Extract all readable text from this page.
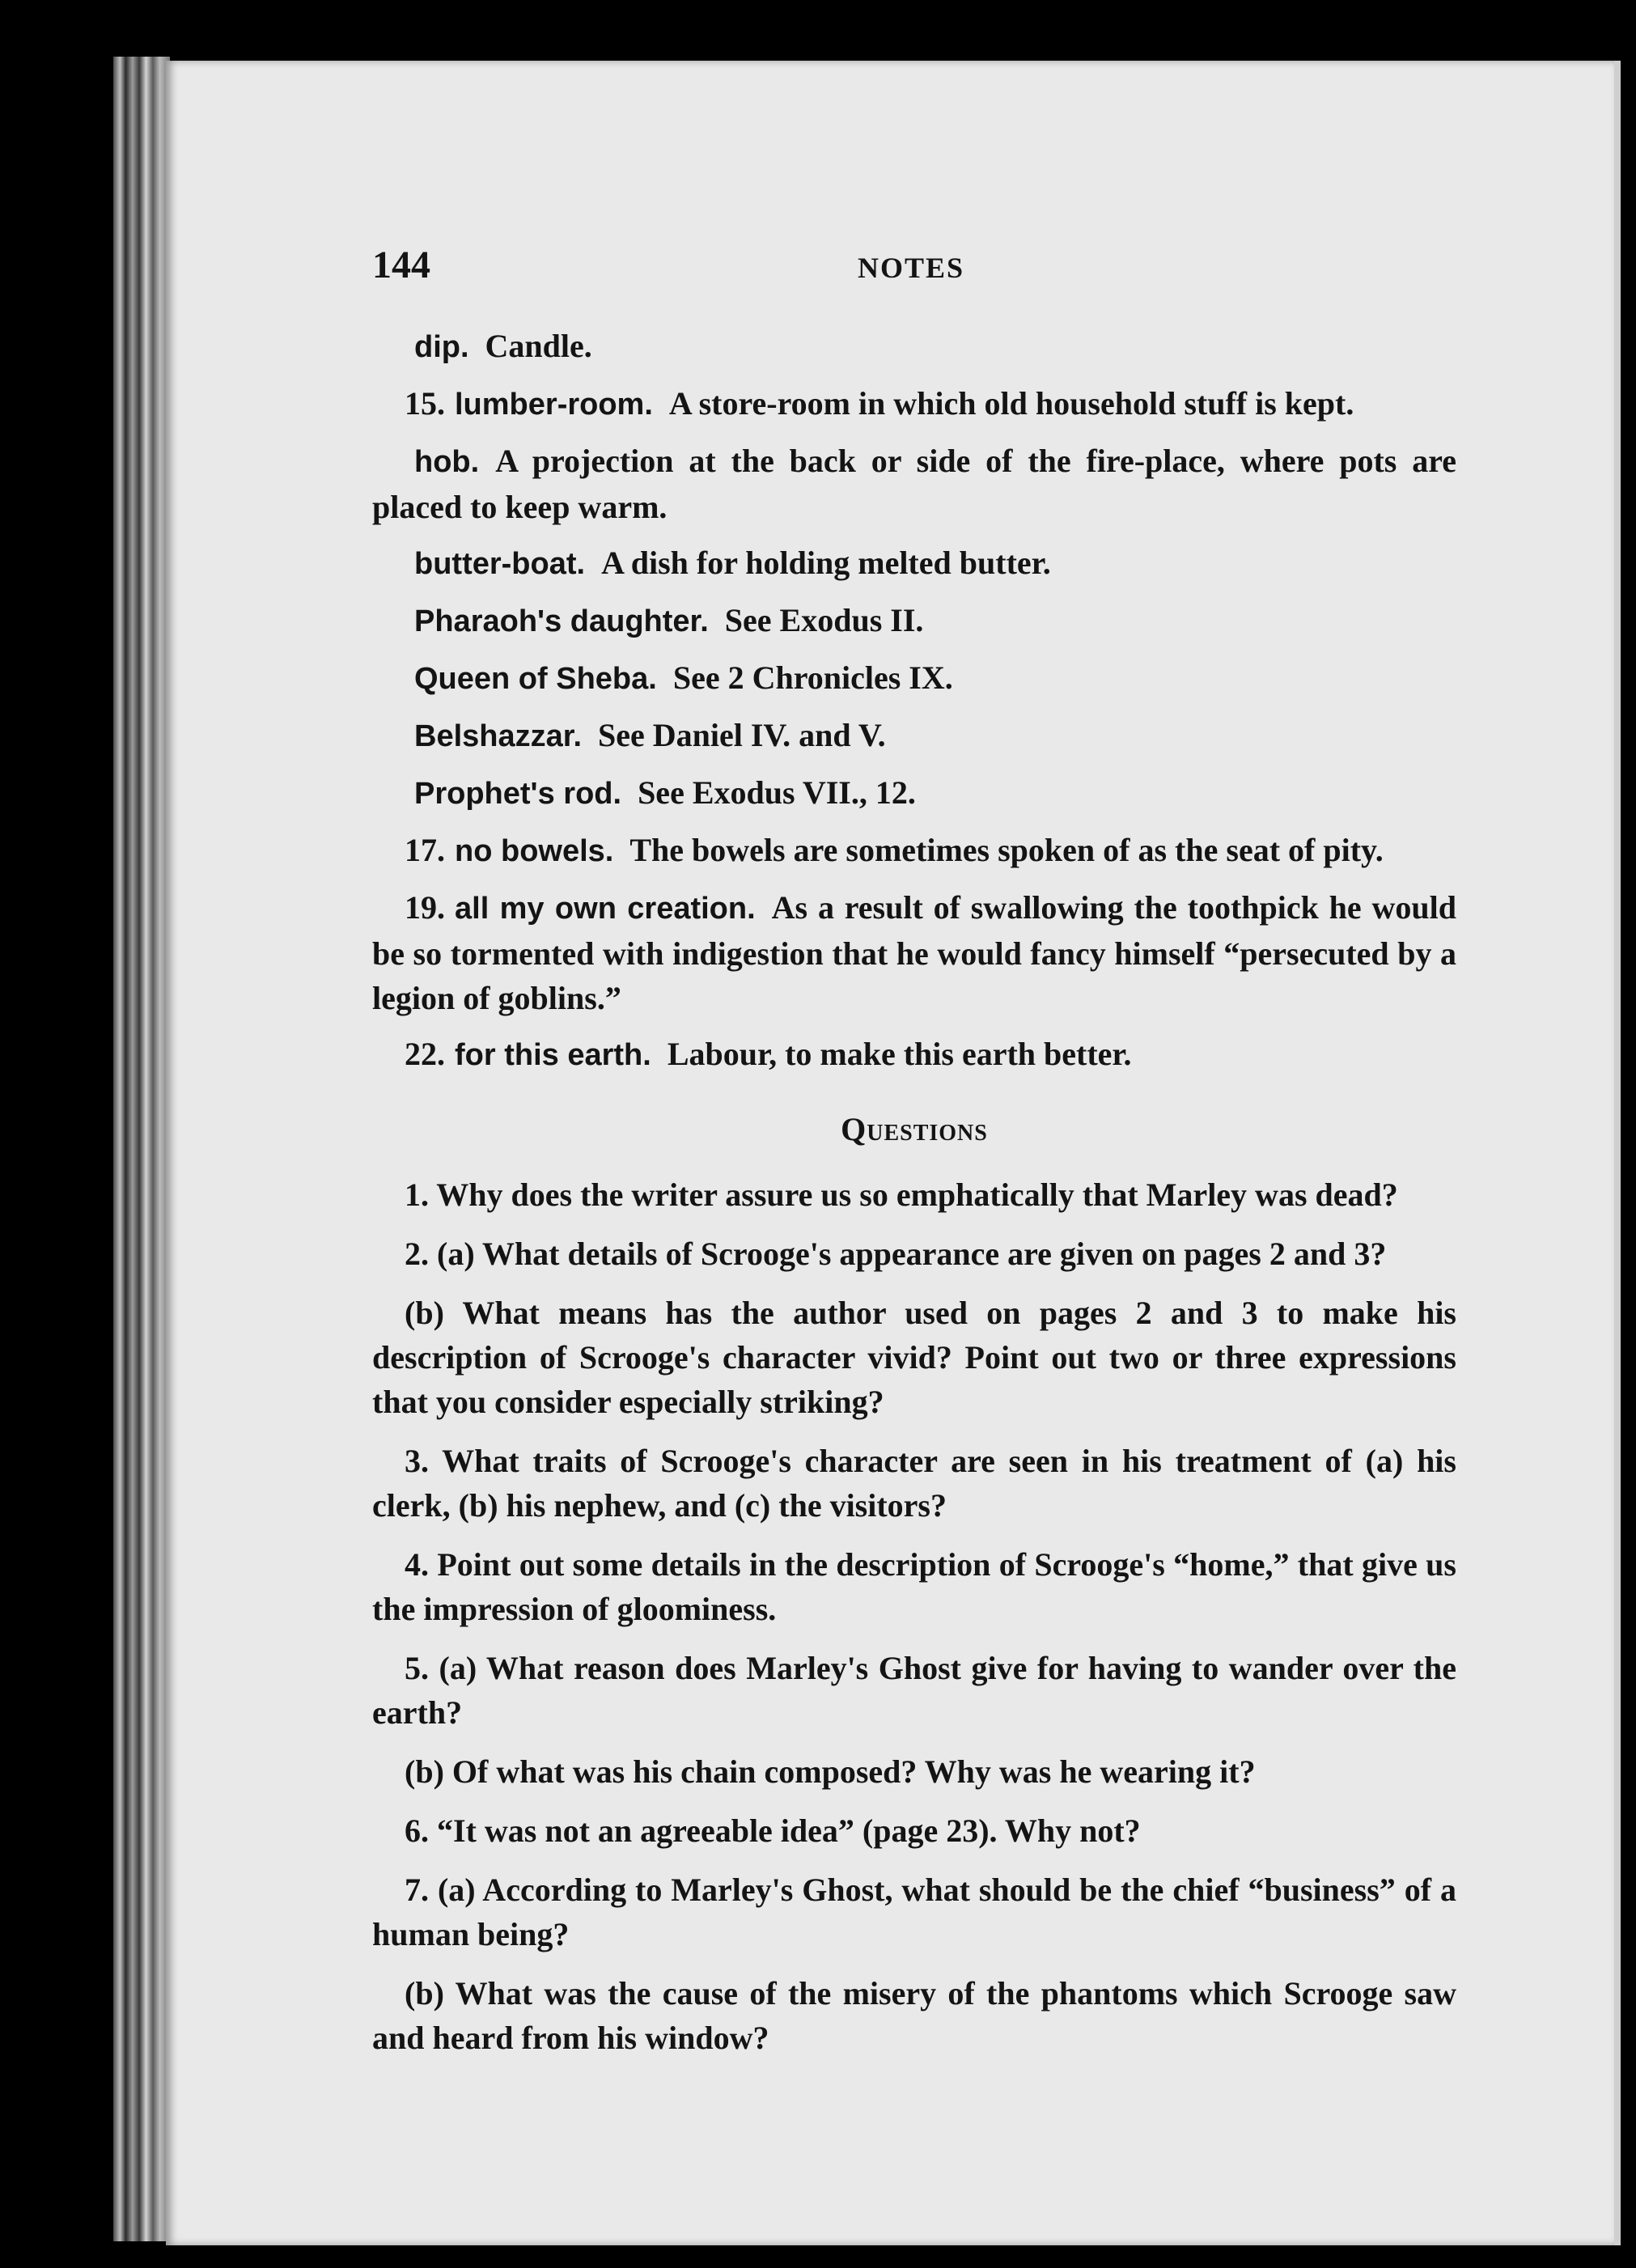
144	NOTES

dip. Candle.

15. lumber-room. A store-room in which old household stuff is kept.

hob. A projection at the back or side of the fire-place, where pots are placed to keep warm.

butter-boat. A dish for holding melted butter.

Pharaoh's daughter. See Exodus II.

Queen of Sheba. See 2 Chronicles IX.

Belshazzar. See Daniel IV. and V.

Prophet's rod. See Exodus VII., 12.

17. no bowels. The bowels are sometimes spoken of as the seat of pity.

19. all my own creation. As a result of swallowing the toothpick he would be so tormented with indigestion that he would fancy himself “persecuted by a legion of goblins.”

22. for this earth. Labour, to make this earth better.

Questions

1. Why does the writer assure us so emphatically that Marley was dead?

2. (a) What details of Scrooge's appearance are given on pages 2 and 3?

(b) What means has the author used on pages 2 and 3 to make his description of Scrooge's character vivid? Point out two or three expressions that you consider especially striking?

3. What traits of Scrooge's character are seen in his treatment of (a) his clerk, (b) his nephew, and (c) the visitors?

4. Point out some details in the description of Scrooge's “home,” that give us the impression of gloominess.

5. (a) What reason does Marley's Ghost give for having to wander over the earth?

(b) Of what was his chain composed? Why was he wearing it?

6. “It was not an agreeable idea” (page 23). Why not?

7. (a) According to Marley's Ghost, what should be the chief “business” of a human being?

(b) What was the cause of the misery of the phantoms which Scrooge saw and heard from his window?
